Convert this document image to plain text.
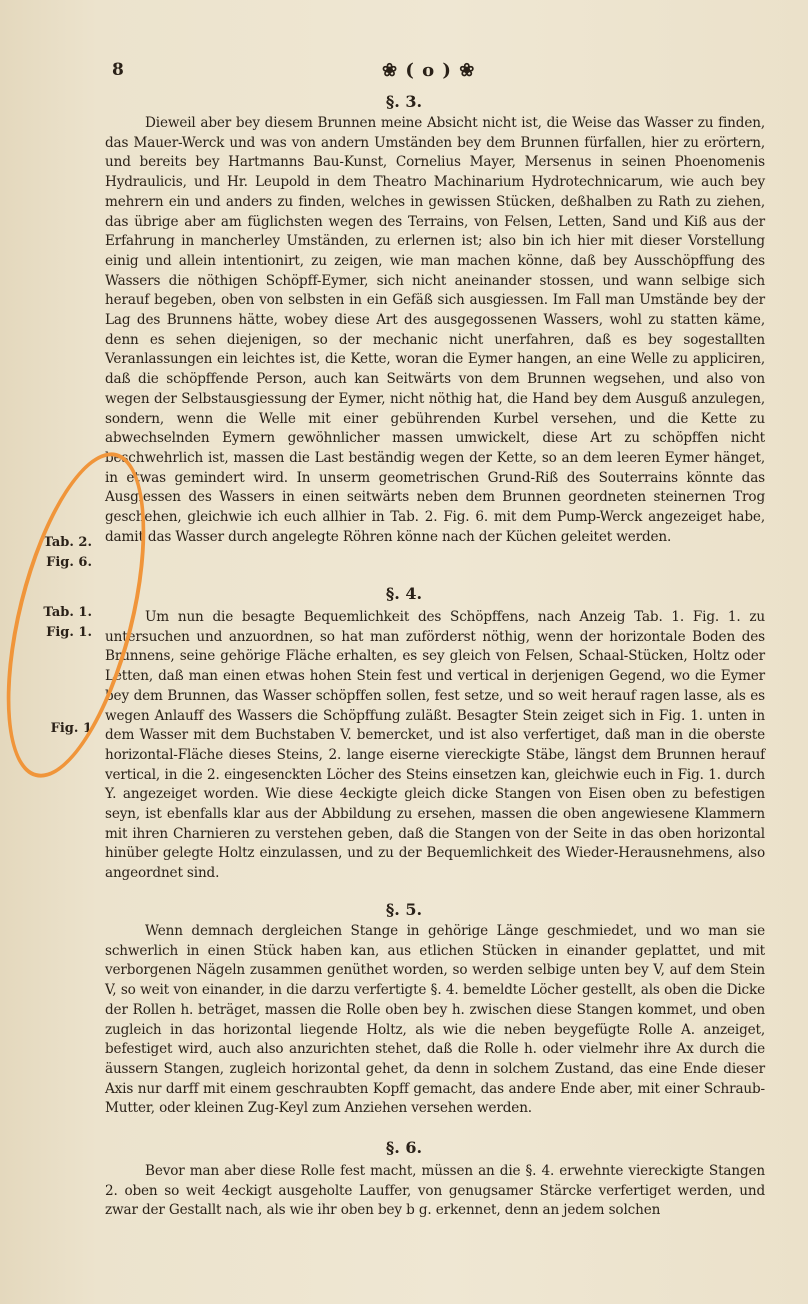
8	❀ ( o ) ❀
§. 3.

Dieweil aber bey diesem Brunnen meine Absicht nicht ist, die Weise das Wasser zu finden, das Mauer-Werck und was von andern Umständen bey dem Brunnen fürfallen, hier zu erörtern, und bereits bey Hartmanns Bau-Kunst, Cornelius Mayer, Mersenus in seinen Phoenomenis Hydraulicis, und Hr. Leupold in dem Theatro Machinarium Hydrotechnicarum, wie auch bey mehrern ein und anders zu finden, welches in gewissen Stücken, deßhalben zu Rath zu ziehen, das übrige aber am füglichsten wegen des Terrains, von Felsen, Letten, Sand und Kiß aus der Erfahrung in mancherley Umständen, zu erlernen ist; also bin ich hier mit dieser Vorstellung einig und allein intentionirt, zu zeigen, wie man machen könne, daß bey Ausschöpffung des Wassers die nöthigen Schöpff-Eymer, sich nicht aneinander stossen, und wann selbige sich herauf begeben, oben von selbsten in ein Gefäß sich ausgiessen. Im Fall man Umstände bey der Lag des Brunnens hätte, wobey diese Art des ausgegossenen Wassers, wohl zu statten käme, denn es sehen diejenigen, so der mechanic nicht unerfahren, daß es bey sogestallten Veranlassungen ein leichtes ist, die Kette, woran die Eymer hangen, an eine Welle zu appliciren, daß die schöpffende Person, auch kan Seitwärts von dem Brunnen wegsehen, und also von wegen der Selbstausgiessung der Eymer, nicht nöthig hat, die Hand bey dem Ausguß anzulegen, sondern, wenn die Welle mit einer gebührenden Kurbel versehen, und die Kette zu abwechselnden Eymern gewöhnlicher massen umwickelt, diese Art zu schöpffen nicht beschwehrlich ist, massen die Last beständig wegen der Kette, so an dem leeren Eymer hänget, in etwas gemindert wird. In unserm geometrischen Grund-Riß des Souterrains könnte das Ausgiessen des Wassers in einen seitwärts neben dem Brunnen geordneten steinernen Trog geschehen, gleichwie ich euch allhier in Tab. 2. Fig. 6. mit dem Pump-Werck angezeiget habe, damit das Wasser durch angelegte Röhren könne nach der Küchen geleitet werden.

§. 4.

Um nun die besagte Bequemlichkeit des Schöpffens, nach Anzeig Tab. 1. Fig. 1. zu untersuchen und anzuordnen, so hat man zuförderst nöthig, wenn der horizontale Boden des Brunnens, seine gehörige Fläche erhalten, es sey gleich von Felsen, Schaal-Stücken, Holtz oder Letten, daß man einen etwas hohen Stein fest und vertical in derjenigen Gegend, wo die Eymer bey dem Brunnen, das Wasser schöpffen sollen, fest setze, und so weit herauf ragen lasse, als es wegen Anlauff des Wassers die Schöpffung zuläßt. Besagter Stein zeiget sich in Fig. 1. unten in dem Wasser mit dem Buchstaben V. bemercket, und ist also verfertiget, daß man in die oberste horizontal-Fläche dieses Steins, 2. lange eiserne viereckigte Stäbe, längst dem Brunnen herauf vertical, in die 2. eingesenckten Löcher des Steins einsetzen kan, gleichwie euch in Fig. 1. durch Y. angezeiget worden. Wie diese 4eckigte gleich dicke Stangen von Eisen oben zu befestigen seyn, ist ebenfalls klar aus der Abbildung zu ersehen, massen die oben angewiesene Klammern mit ihren Charnieren zu verstehen geben, daß die Stangen von der Seite in das oben horizontal hinüber gelegte Holtz einzulassen, und zu der Bequemlichkeit des Wieder-Herausnehmens, also angeordnet sind.

§. 5.

Wenn demnach dergleichen Stange in gehörige Länge geschmiedet, und wo man sie schwerlich in einen Stück haben kan, aus etlichen Stücken in einander geplattet, und mit verborgenen Nägeln zusammen genüthet worden, so werden selbige unten bey V, auf dem Stein V, so weit von einander, in die darzu verfertigte §. 4. bemeldte Löcher gestellt, als oben die Dicke der Rollen h. beträget, massen die Rolle oben bey h. zwischen diese Stangen kommet, und oben zugleich in das horizontal liegende Holtz, als wie die neben beygefügte Rolle A. anzeiget, befestiget wird, auch also anzurichten stehet, daß die Rolle h. oder vielmehr ihre Ax durch die äussern Stangen, zugleich horizontal gehet, da denn in solchem Zustand, das eine Ende dieser Axis nur darff mit einem geschraubten Kopff gemacht, das andere Ende aber, mit einer Schraub-Mutter, oder kleinen Zug-Keyl zum Anziehen versehen werden.

§. 6.

Bevor man aber diese Rolle fest macht, müssen an die §. 4. erwehnte viereckigte Stangen 2. oben so weit 4eckigt ausgeholte Lauffer, von genugsamer Stärcke verfertiget werden, und zwar der Gestallt nach, als wie ihr oben bey b g. erkennet, denn an jedem solchen

Tab. 2.
Fig. 6.
Tab. 1.
Fig. 1.
Fig. 1
